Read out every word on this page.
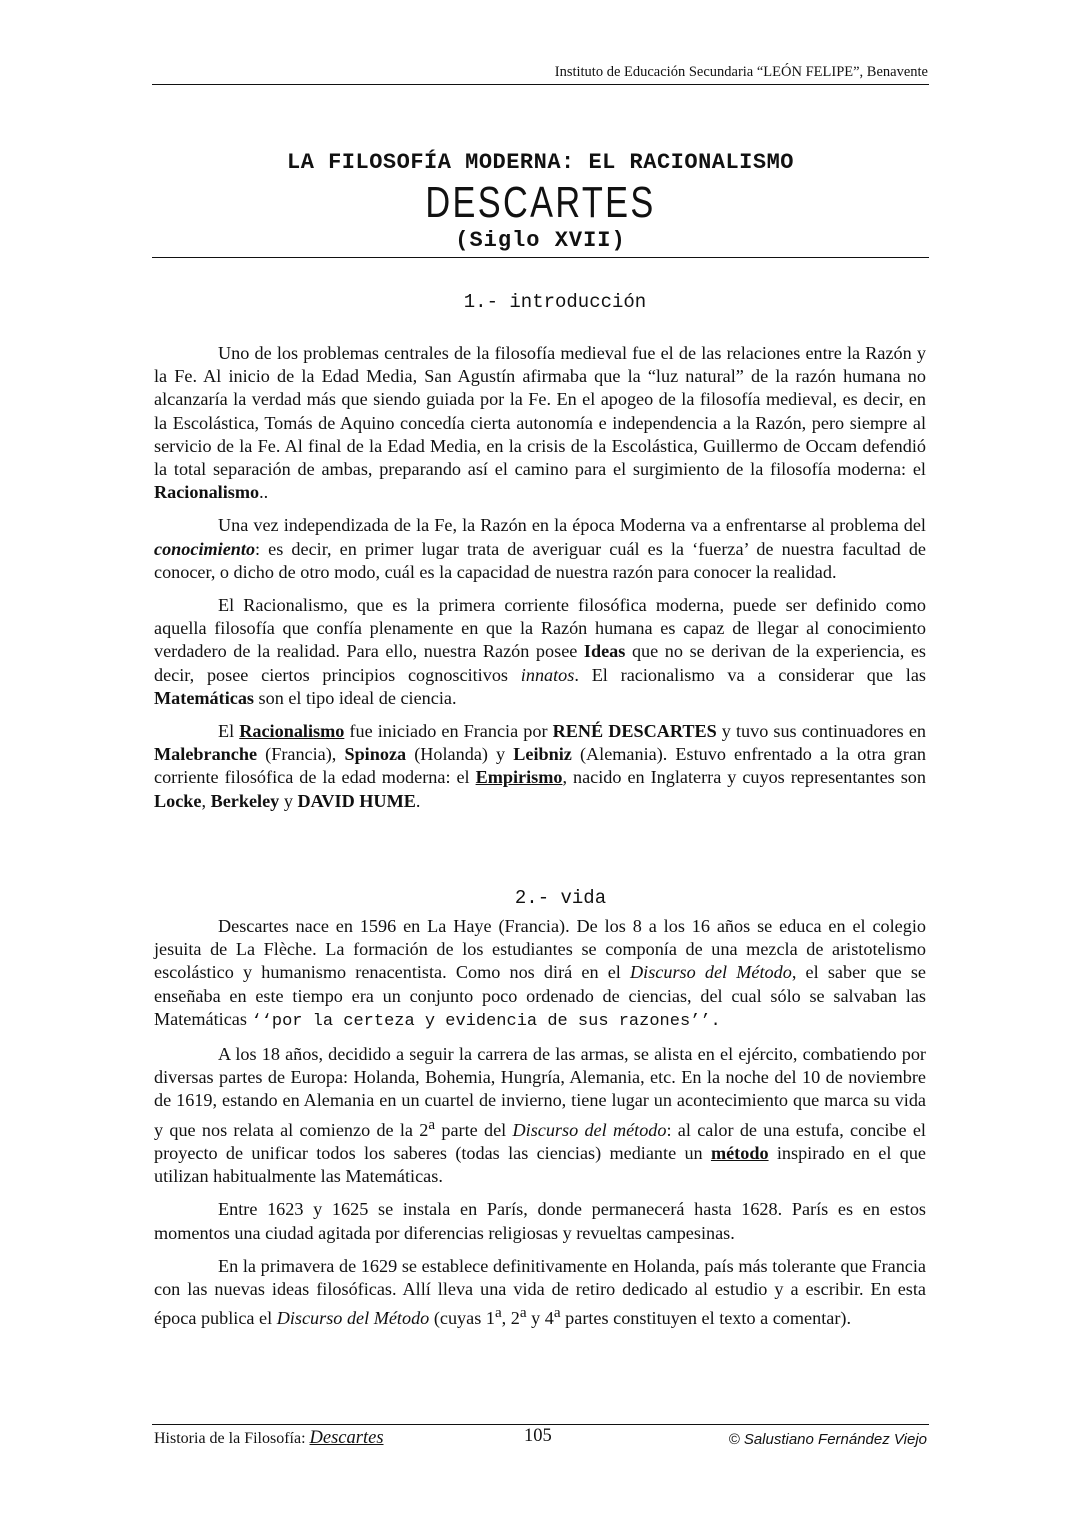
Instituto de Educación Secundaria “LEÓN FELIPE”, Benavente
LA FILOSOFÍA MODERNA: EL RACIONALISMO
DESCARTES
(Siglo XVII)
1.- introducción

Uno de los problemas centrales de la filosofía medieval fue el de las relaciones entre la Razón y la Fe. Al inicio de la Edad Media, San Agustín afirmaba que la “luz natural” de la razón humana no alcanzaría la verdad más que siendo guiada por la Fe. En el apogeo de la filosofía medieval, es decir, en la Escolástica, Tomás de Aquino concedía cierta autonomía e independencia a la Razón, pero siempre al servicio de la Fe. Al final de la Edad Media, en la crisis de la Escolástica, Guillermo de Occam defendió la total separación de ambas, preparando así el camino para el surgimiento de la filosofía moderna: el Racionalismo..

Una vez independizada de la Fe, la Razón en la época Moderna va a enfrentarse al problema del conocimiento: es decir, en primer lugar trata de averiguar cuál es la ‘fuerza’ de nuestra facultad de conocer, o dicho de otro modo, cuál es la capacidad de nuestra razón para conocer la realidad.

El Racionalismo, que es la primera corriente filosófica moderna, puede ser definido como aquella filosofía que confía plenamente en que la Razón humana es capaz de llegar al conocimiento verdadero de la realidad. Para ello, nuestra Razón posee Ideas que no se derivan de la experiencia, es decir, posee ciertos principios cognoscitivos innatos. El racionalismo va a considerar que las Matemáticas son el tipo ideal de ciencia.

El Racionalismo fue iniciado en Francia por RENÉ DESCARTES y tuvo sus continuadores en Malebranche (Francia), Spinoza (Holanda) y Leibniz (Alemania). Estuvo enfrentado a la otra gran corriente filosófica de la edad moderna: el Empirismo, nacido en Inglaterra y cuyos representantes son Locke, Berkeley y DAVID HUME.

2.- vida

Descartes nace en 1596 en La Haye (Francia). De los 8 a los 16 años se educa en el colegio jesuita de La Flèche. La formación de los estudiantes se componía de una mezcla de aristotelismo escolástico y humanismo renacentista. Como nos dirá en el Discurso del Método, el saber que se enseñaba en este tiempo era un conjunto poco ordenado de ciencias, del cual sólo se salvaban las Matemáticas ‘‘por la certeza y evidencia de sus razones’’.

A los 18 años, decidido a seguir la carrera de las armas, se alista en el ejército, combatiendo por diversas partes de Europa: Holanda, Bohemia, Hungría, Alemania, etc. En la noche del 10 de noviembre de 1619, estando en Alemania en un cuartel de invierno, tiene lugar un acontecimiento que marca su vida y que nos relata al comienzo de la 2$^a$ parte del Discurso del método: al calor de una estufa, concibe el proyecto de unificar todos los saberes (todas las ciencias) mediante un método inspirado en el que utilizan habitualmente las Matemáticas.

Entre 1623 y 1625 se instala en París, donde permanecerá hasta 1628. París es en estos momentos una ciudad agitada por diferencias religiosas y revueltas campesinas.

En la primavera de 1629 se establece definitivamente en Holanda, país más tolerante que Francia con las nuevas ideas filosóficas. Allí lleva una vida de retiro dedicado al estudio y a escribir. En esta época publica el Discurso del Método (cuyas 1$^a$, 2$^a$ y 4$^a$ partes constituyen el texto a comentar).

Historia de la Filosofía: Descartes	105	© Salustiano Fernández Viejo
